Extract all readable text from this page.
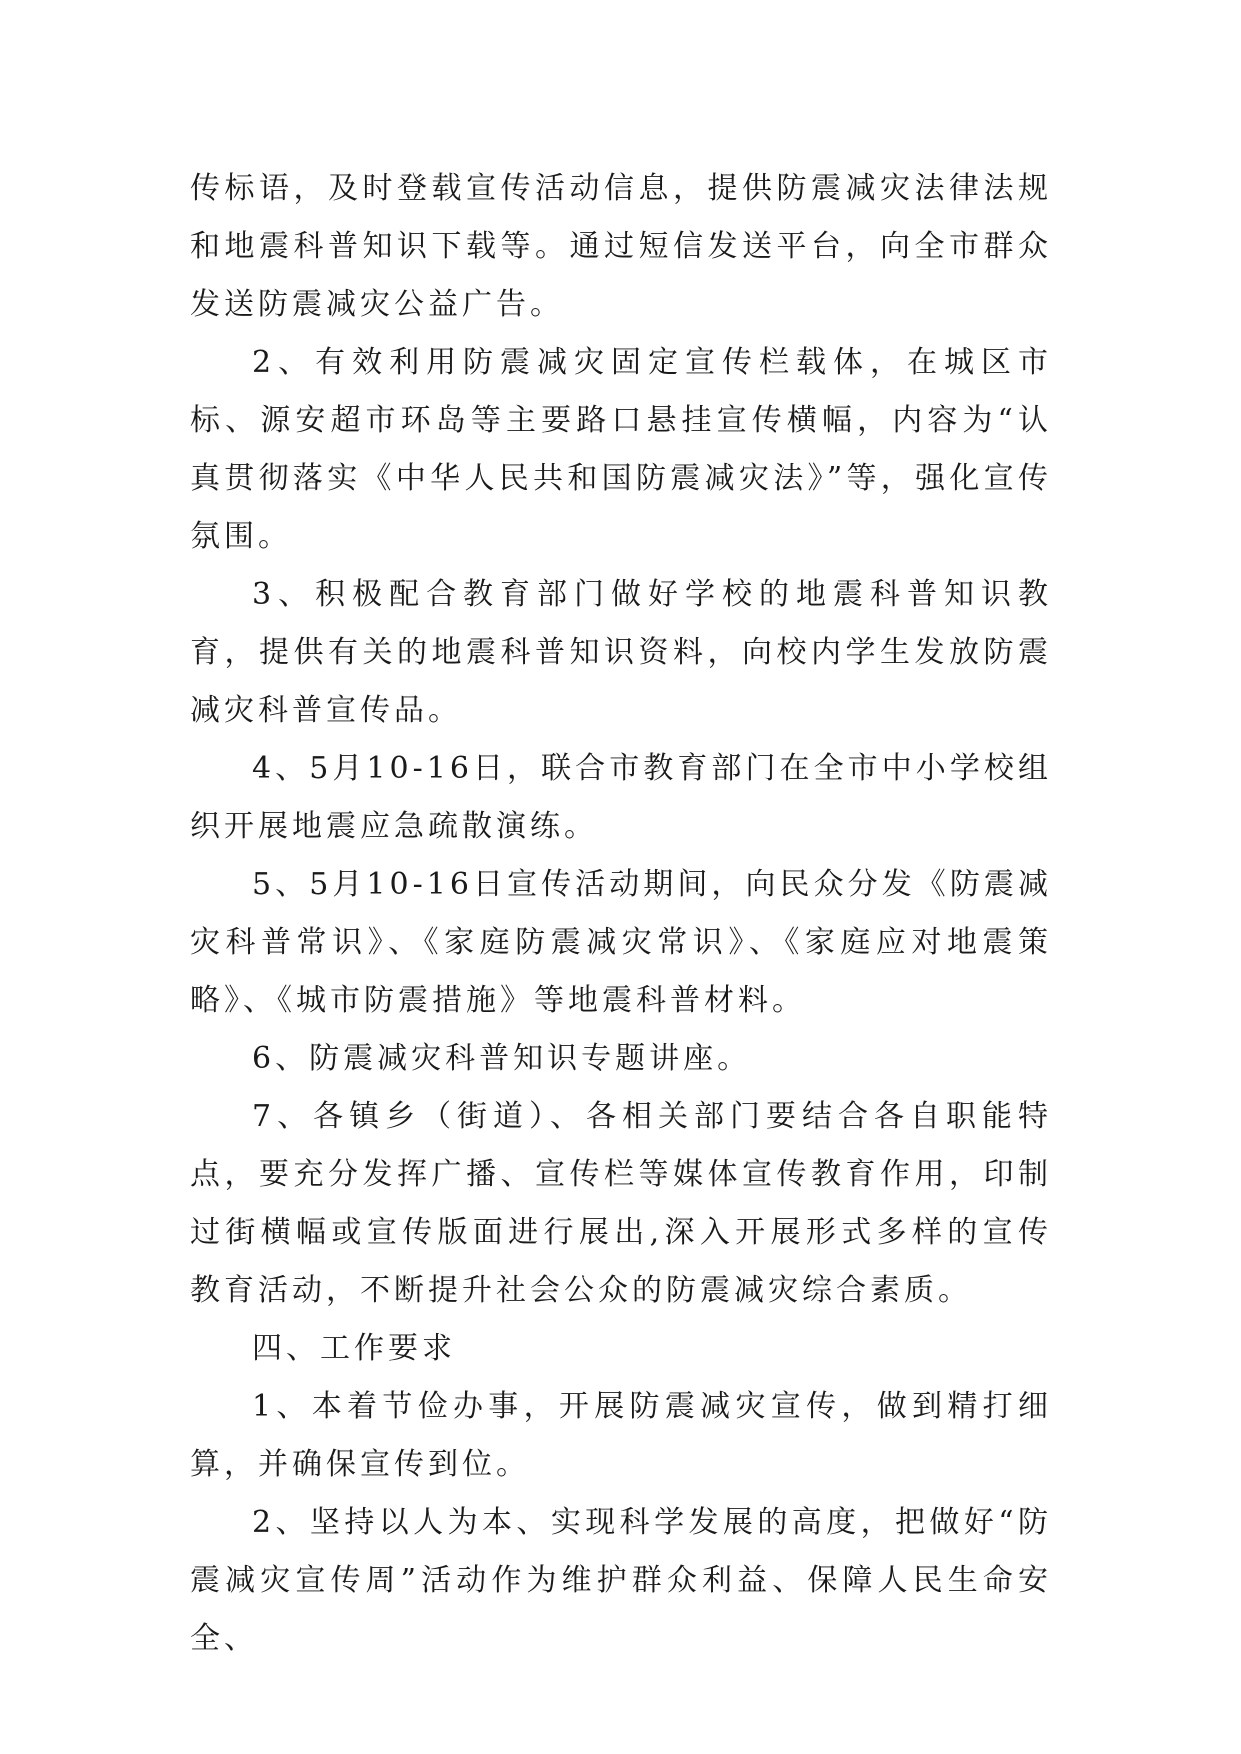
传标语，及时登载宣传活动信息，提供防震减灾法律法规和地震科普知识下载等。通过短信发送平台，向全市群众发送防震减灾公益广告。

2、有效利用防震减灾固定宣传栏载体，在城区市标、源安超市环岛等主要路口悬挂宣传横幅，内容为“认真贯彻落实《中华人民共和国防震减灾法》”等，强化宣传氛围。

3、积极配合教育部门做好学校的地震科普知识教育，提供有关的地震科普知识资料，向校内学生发放防震减灾科普宣传品。

4、5月10-16日，联合市教育部门在全市中小学校组织开展地震应急疏散演练。

5、5月10-16日宣传活动期间，向民众分发《防震减灾科普常识》、《家庭防震减灾常识》、《家庭应对地震策略》、《城市防震措施》等地震科普材料。

6、防震减灾科普知识专题讲座。

7、各镇乡（街道）、各相关部门要结合各自职能特点，要充分发挥广播、宣传栏等媒体宣传教育作用，印制过街横幅或宣传版面进行展出,深入开展形式多样的宣传教育活动，不断提升社会公众的防震减灾综合素质。

四、工作要求

1、本着节俭办事，开展防震减灾宣传，做到精打细算，并确保宣传到位。

2、坚持以人为本、实现科学发展的高度，把做好“防震减灾宣传周”活动作为维护群众利益、保障人民生命安全、
